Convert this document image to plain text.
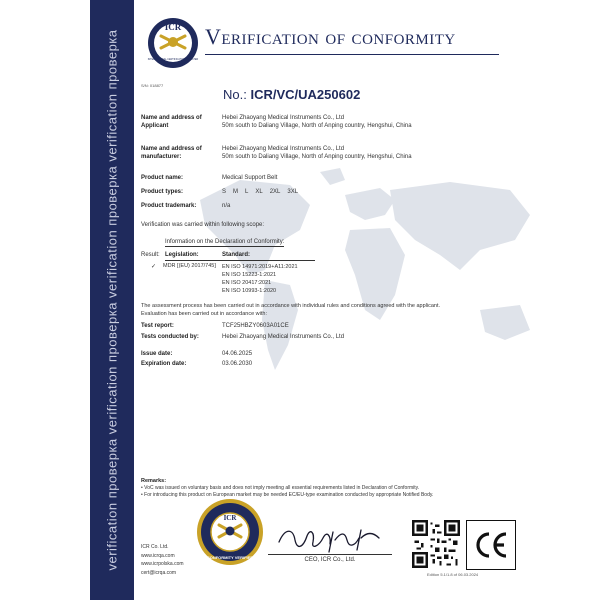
verification проверка verification проверка verification проверка verification проверка
ICR
INTERNATIONAL CERTIFICATION REGISTER
Verification of conformity
S/N: 018877
No.: ICR/VC/UA250602
Name and address of Applicant
Hebei Zhaoyang Medical Instruments Co., Ltd
50m south to Daliang Village, North of Anping country, Hengshui, China
Name and address of manufacturer:
Hebei Zhaoyang Medical Instruments Co., Ltd
50m south to Daliang Village, North of Anping country, Hengshui, China
Product name:	Medical Support Belt
Product types:	S M L XL 2XL 3XL
Product trademark:	n/a
Verification was carried within following scope:
Information on the Declaration of Conformity:
Result: Legislation:	Standard:
✓ MDR [(EU) 2017/745] EN ISO 14971:2019+A11:2021
EN ISO 15223-1:2021
EN ISO 20417:2021
EN ISO 10993-1:2020
The assessment process has been carried out in accordance with individual rules and conditions agreed with the applicant.
Evaluation has been carried out in accordance with:
Test report:	TCF25HBZY0603A01CE
Tests conducted by:	Hebei Zhaoyang Medical Instruments Co., Ltd
Issue date:	04.06.2025
Expiration date:	03.06.2030
Remarks:
• VoC was issued on voluntary basis and does not imply meeting all essential requirements listed in Declaration of Conformity.
• For introducing this product on European market may be needed EC/EU-type examination conducted by appropriate Notified Body.
ICR Co. Ltd.
www.icrqa.com
www.icrpolska.com
cert@icrqa.com
ICR
CONFORMITY VERIFIED	CEO, ICR Co., Ltd.
Edition 5.1/1.8 of 06.03.2024
